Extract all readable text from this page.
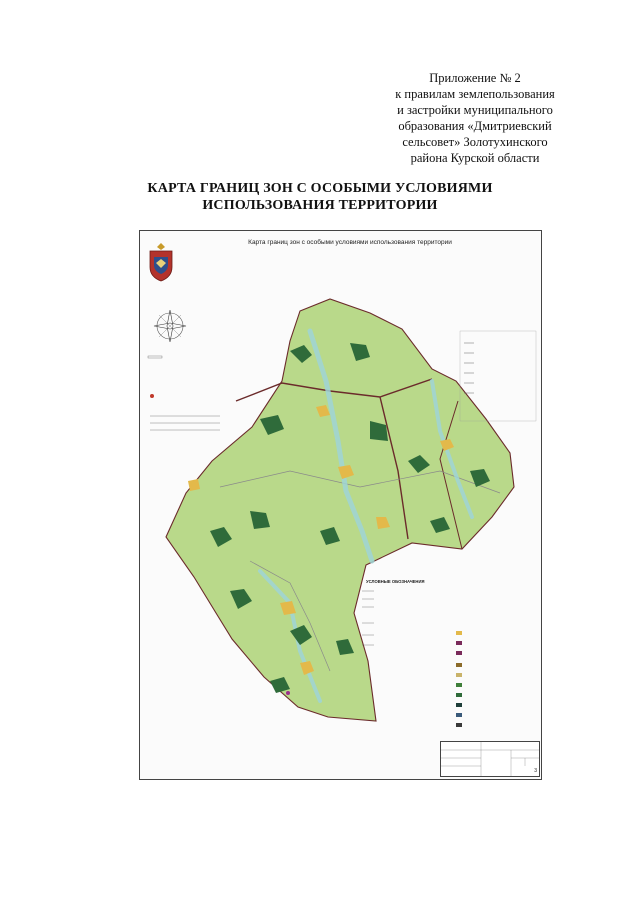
Приложение № 2
к правилам землепользования
и застройки муниципального
образования «Дмитриевский
сельсовет» Золотухинского
района Курской области
КАРТА ГРАНИЦ ЗОН С ОСОБЫМИ УСЛОВИЯМИ
ИСПОЛЬЗОВАНИЯ ТЕРРИТОРИИ
Карта границ зон с особыми условиями использования территории
УСЛОВНЫЕ ОБОЗНАЧЕНИЯ
3
